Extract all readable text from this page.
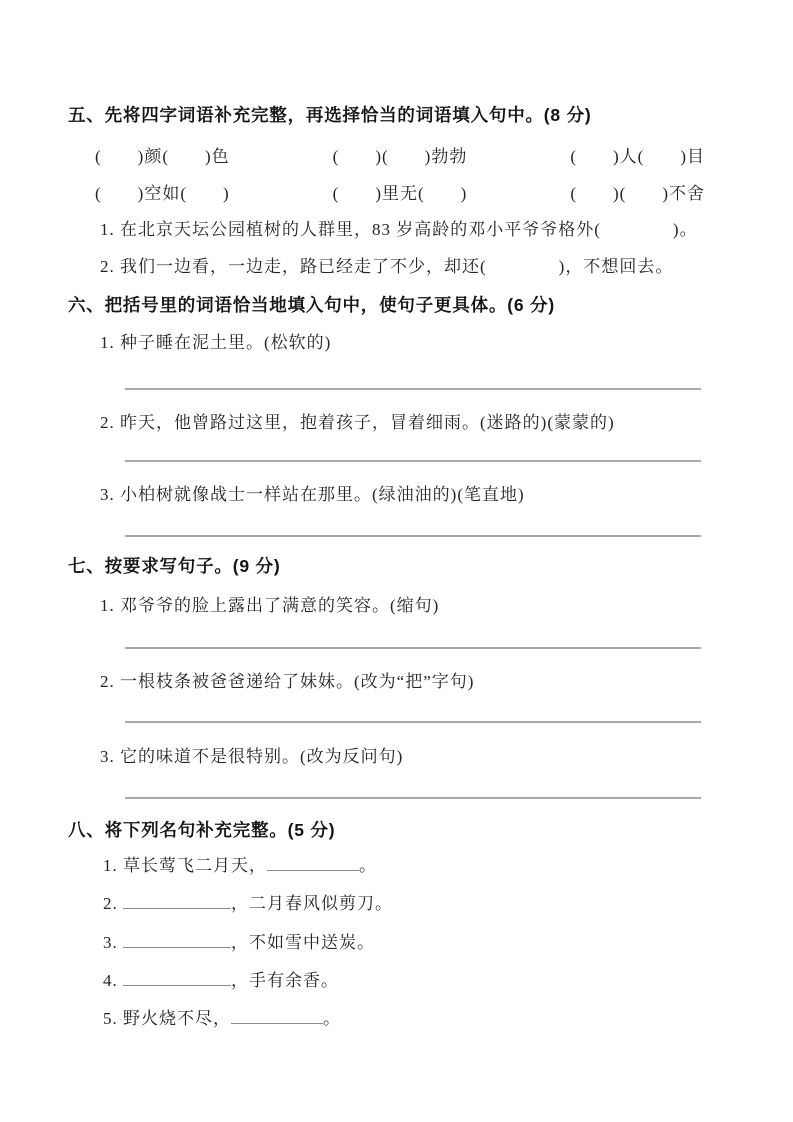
五、先将四字词语补充完整，再选择恰当的词语填入句中。(8 分)
(　　)颜(　　)色	(　　)(　　)勃勃	(　　)人(　　)目
(　　)空如(　　)	(　　)里无(　　)	(　　)(　　)不舍
1. 在北京天坛公园植树的人群里，83 岁高龄的邓小平爷爷格外(　　　　)。
2. 我们一边看，一边走，路已经走了不少，却还(　　　　)，不想回去。
六、把括号里的词语恰当地填入句中，使句子更具体。(6 分)
1. 种子睡在泥土里。(松软的)
2. 昨天，他曾路过这里，抱着孩子，冒着细雨。(迷路的)(蒙蒙的)
3. 小柏树就像战士一样站在那里。(绿油油的)(笔直地)
七、按要求写句子。(9 分)
1. 邓爷爷的脸上露出了满意的笑容。(缩句)
2. 一根枝条被爸爸递给了妹妹。(改为“把”字句)
3. 它的味道不是很特别。(改为反问句)
八、将下列名句补充完整。(5 分)
1. 草长莺飞二月天，	。
2.	，二月春风似剪刀。
3.	，不如雪中送炭。
4.	，手有余香。
5. 野火烧不尽，	。
